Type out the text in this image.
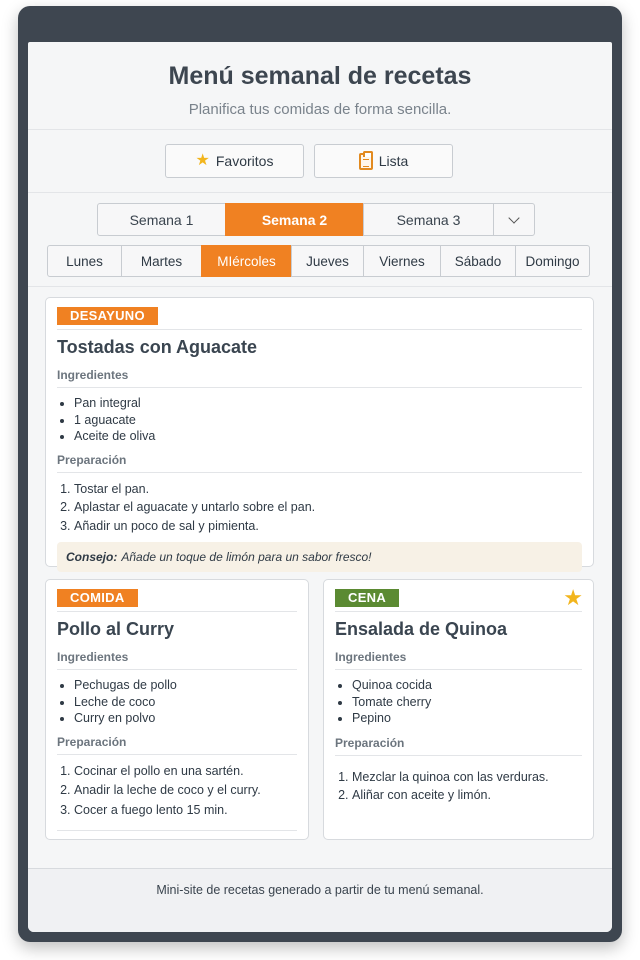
Menú semanal de recetas
Planifica tus comidas de forma sencilla.
★ Favoritos	Lista
Semana 1	Semana 2	Semana 3
Lunes	Martes	MIércoles	Jueves	Viernes	Sábado	Domingo
DESAYUNO
Tostadas con Aguacate
Ingredientes
• Pan integral
• 1 aguacate
• Aceite de oliva
Preparación
1. Tostar el pan.
2. Aplastar el aguacate y untarlo sobre el pan.
3. Añadir un poco de sal y pimienta.
Consejo: Añade un toque de limón para un sabor fresco!
COMIDA
Pollo al Curry
Ingredientes
• Pechugas de pollo
• Leche de coco
• Curry en polvo
Preparación
1. Cocinar el pollo en una sartén.
2. Anadir la leche de coco y el curry.
3. Cocer a fuego lento 15 min.
CENA	★
Ensalada de Quinoa
Ingredientes
• Quinoa cocida
• Tomate cherry
• Pepino
Preparación
1. Mezclar la quinoa con las verduras.
2. Aliñar con aceite y limón.
Mini-site de recetas generado a partir de tu menú semanal.
